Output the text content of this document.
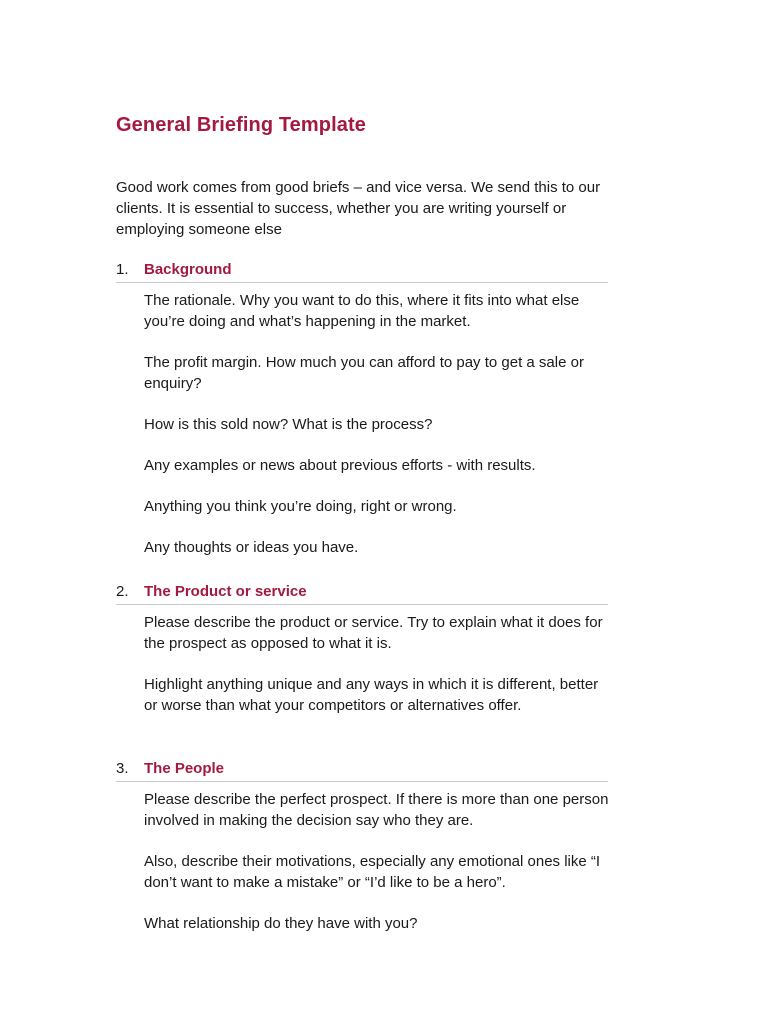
General Briefing Template

Good work comes from good briefs – and vice versa. We send this to our clients. It is essential to success, whether you are writing yourself or employing someone else

1. Background

The rationale. Why you want to do this, where it fits into what else you’re doing and what’s happening in the market.

The profit margin. How much you can afford to pay to get a sale or enquiry?

How is this sold now? What is the process?

Any examples or news about previous efforts - with results.

Anything you think you’re doing, right or wrong.

Any thoughts or ideas you have.

2. The Product or service

Please describe the product or service. Try to explain what it does for the prospect as opposed to what it is.

Highlight anything unique and any ways in which it is different, better or worse than what your competitors or alternatives offer.

3. The People

Please describe the perfect prospect. If there is more than one person involved in making the decision say who they are.

Also, describe their motivations, especially any emotional ones like “I don’t want to make a mistake” or “I’d like to be a hero”.

What relationship do they have with you?
